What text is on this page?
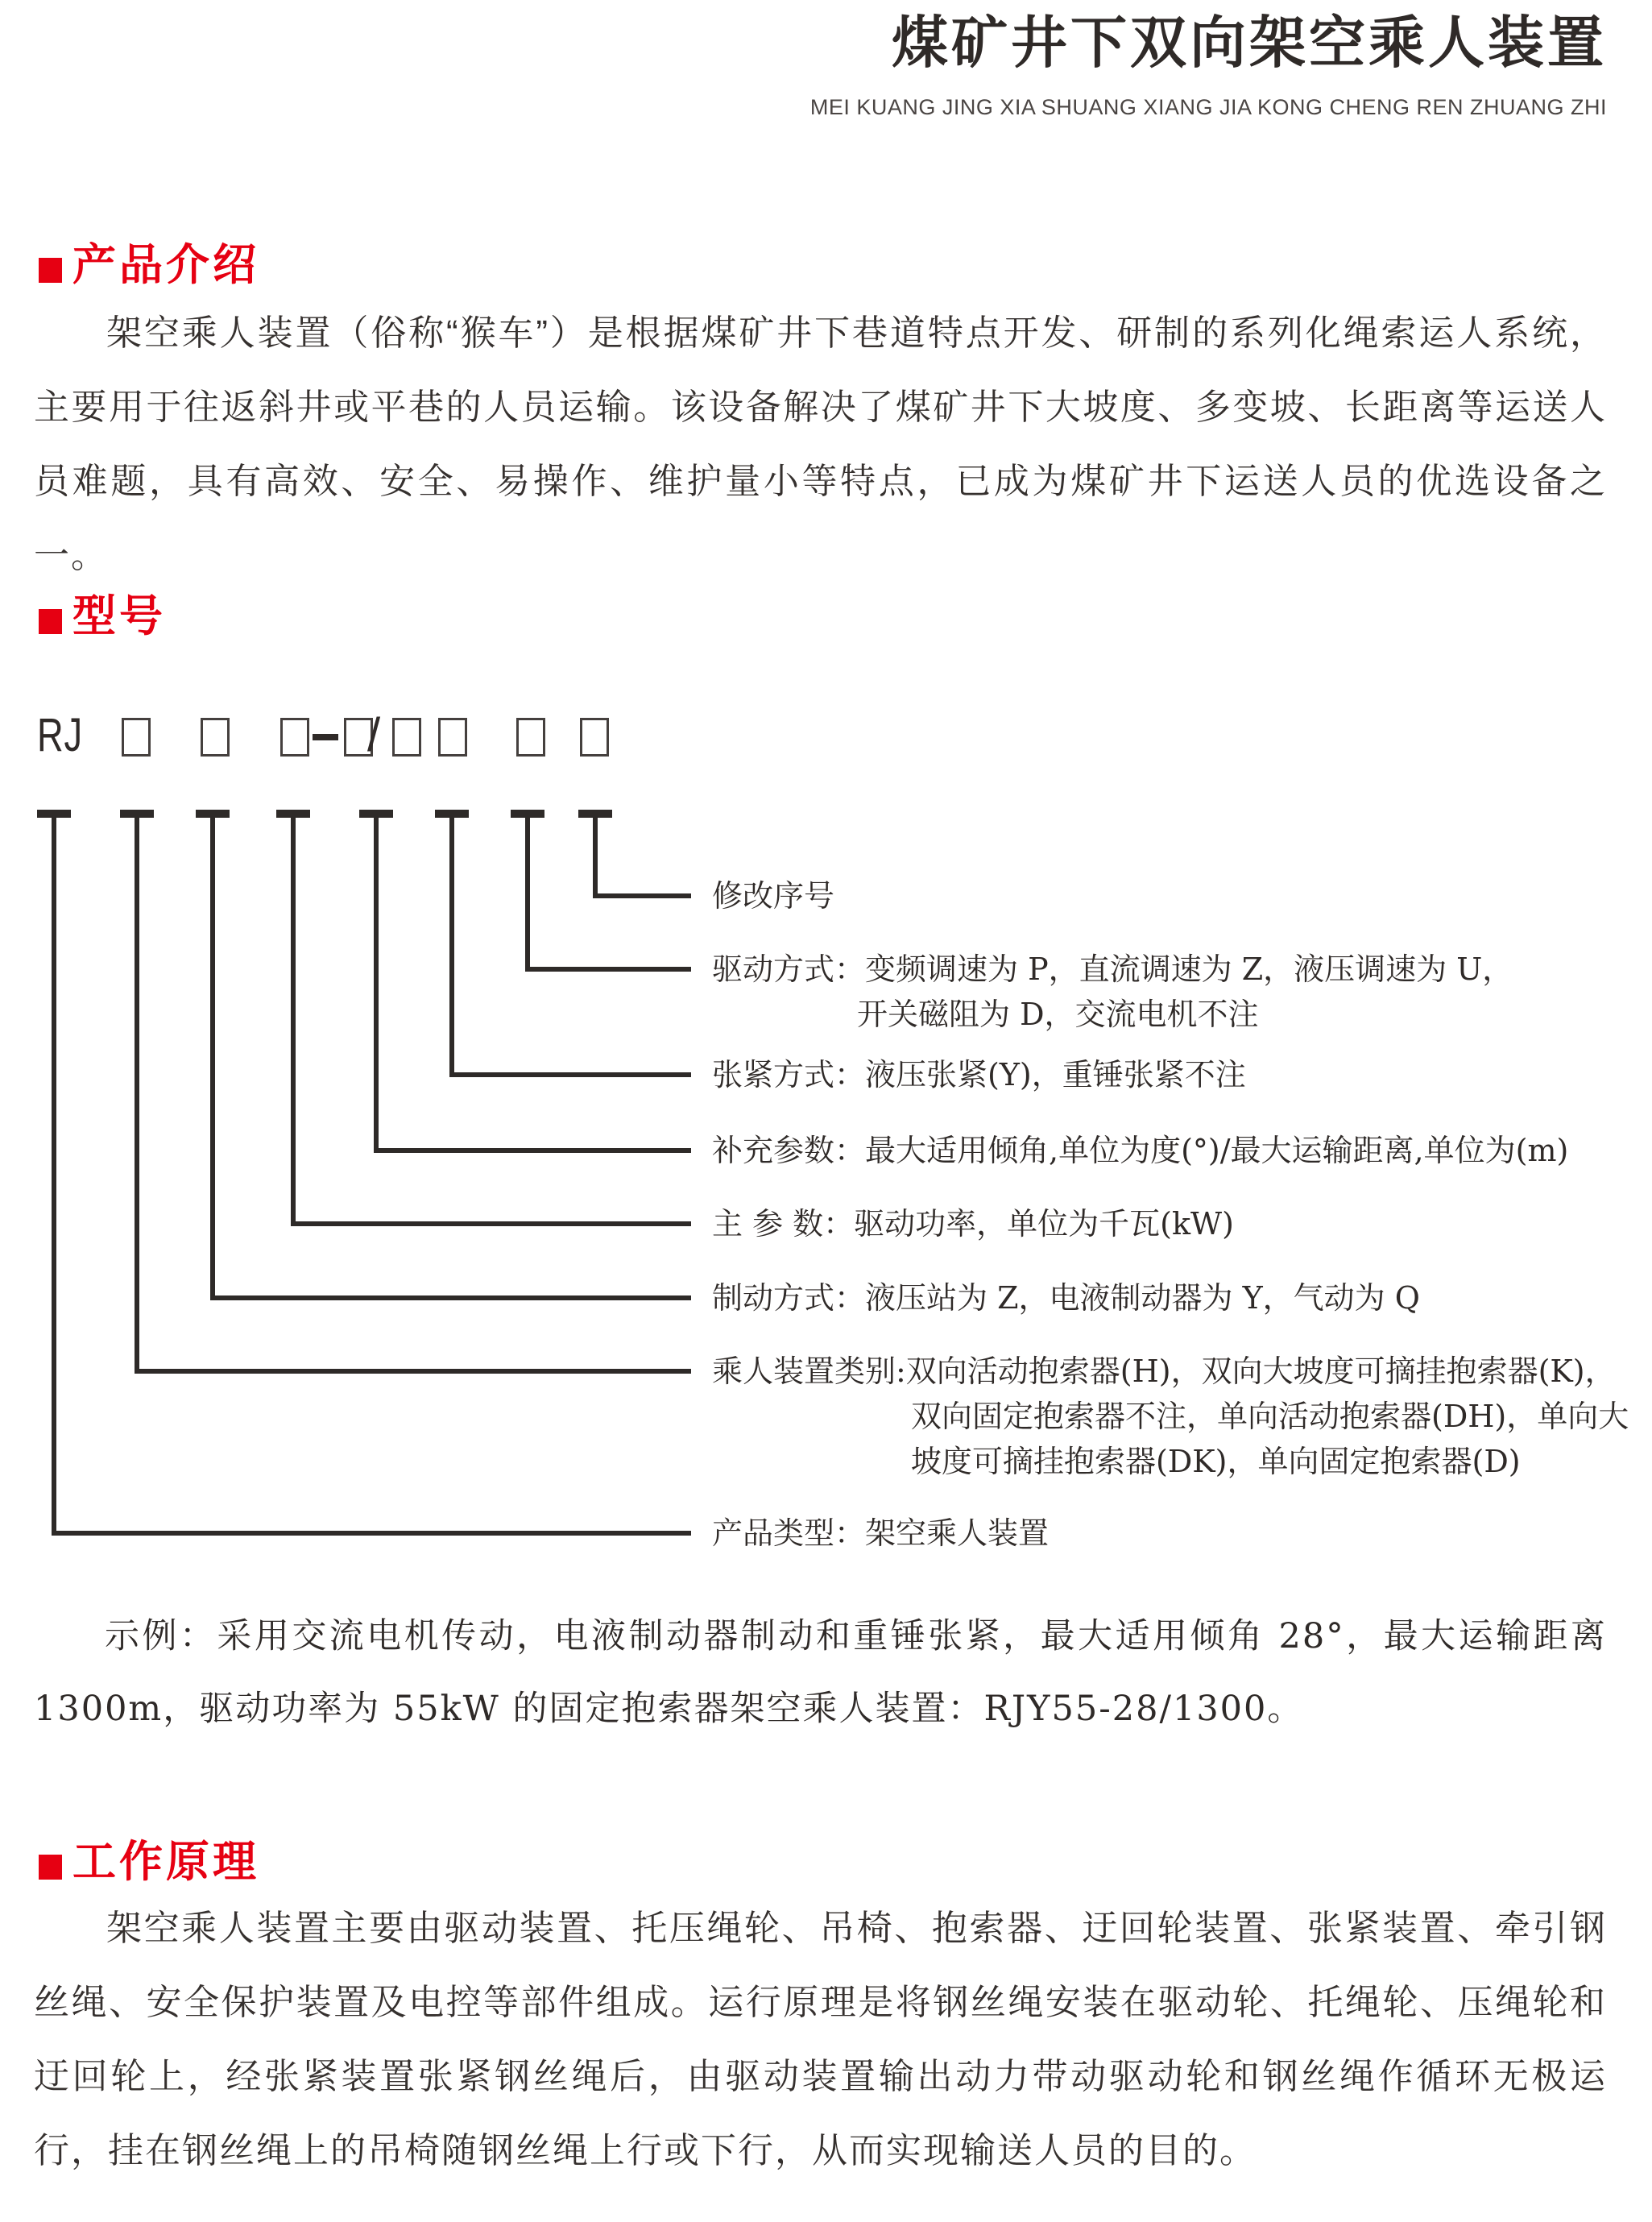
煤矿井下双向架空乘人装置
MEI KUANG JING XIA SHUANG XIANG JIA KONG CHENG REN ZHUANG ZHI
产品介绍
架空乘人装置（俗称“猴车”）是根据煤矿井下巷道特点开发、研制的系列化绳索运人系统，主要用于往返斜井或平巷的人员运输。该设备解决了煤矿井下大坡度、多变坡、长距离等运送人员难题，具有高效、安全、易操作、维护量小等特点，已成为煤矿井下运送人员的优选设备之一。
型号
RJ	/
修改序号
驱动方式：变频调速为 P，直流调速为 Z，液压调速为 U，
开关磁阻为 D，交流电机不注
张紧方式：液压张紧(Y)，重锤张紧不注
补充参数：最大适用倾角,单位为度(°)/最大运输距离,单位为(m)
主 参 数：驱动功率，单位为千瓦(kW)
制动方式：液压站为 Z，电液制动器为 Y，气动为 Q
乘人装置类别:双向活动抱索器(H)，双向大坡度可摘挂抱索器(K)，
双向固定抱索器不注，单向活动抱索器(DH)，单向大
坡度可摘挂抱索器(DK)，单向固定抱索器(D)
产品类型：架空乘人装置
示例：采用交流电机传动，电液制动器制动和重锤张紧，最大适用倾角 28°，最大运输距离 1300m，驱动功率为 55kW 的固定抱索器架空乘人装置：RJY55-28/1300。
工作原理
架空乘人装置主要由驱动装置、托压绳轮、吊椅、抱索器、迂回轮装置、张紧装置、牵引钢丝绳、安全保护装置及电控等部件组成。运行原理是将钢丝绳安装在驱动轮、托绳轮、压绳轮和迂回轮上，经张紧装置张紧钢丝绳后，由驱动装置输出动力带动驱动轮和钢丝绳作循环无极运行，挂在钢丝绳上的吊椅随钢丝绳上行或下行，从而实现输送人员的目的。
